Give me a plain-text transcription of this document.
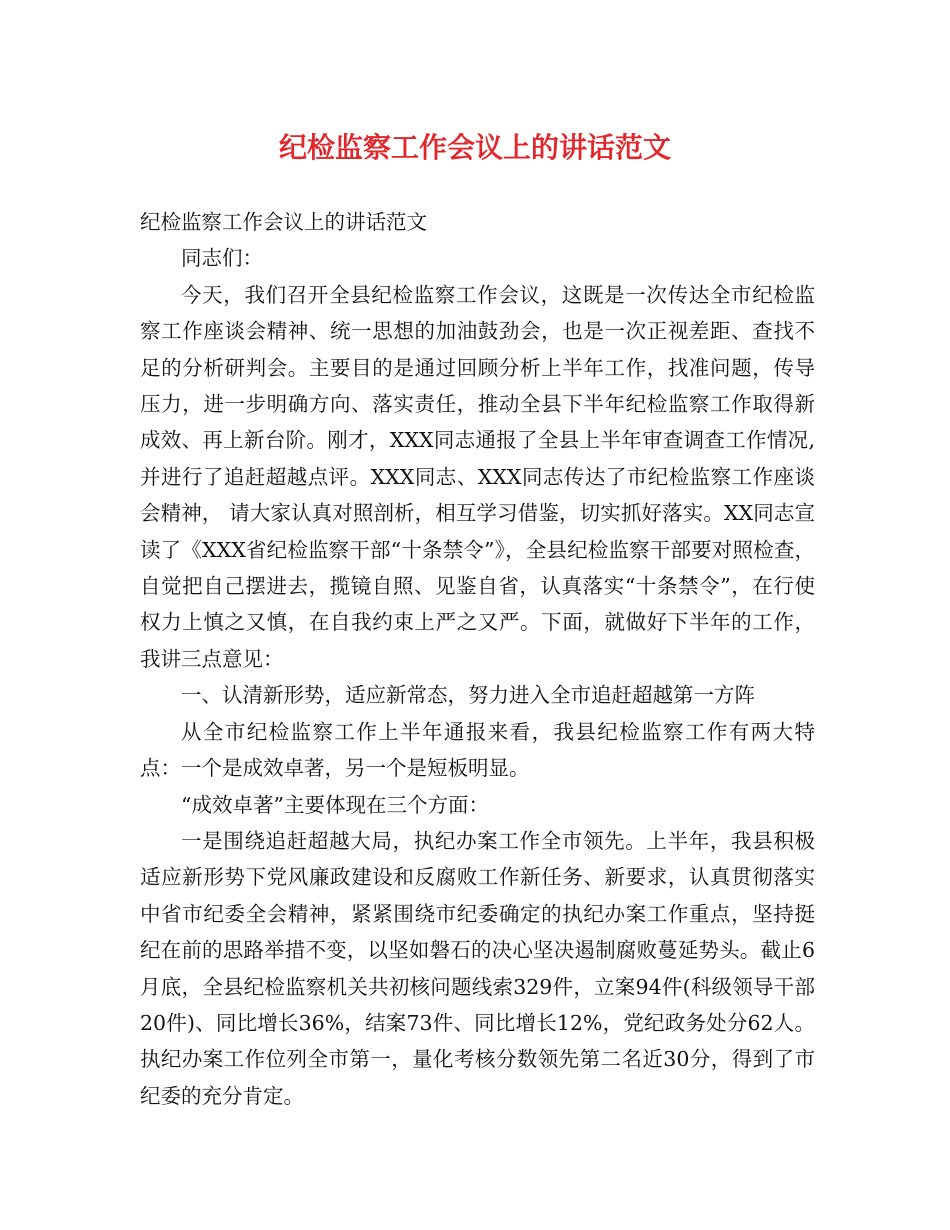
纪检监察工作会议上的讲话范文

纪检监察工作会议上的讲话范文

同志们：

今天，我们召开全县纪检监察工作会议，这既是一次传达全市纪检监察工作座谈会精神、统一思想的加油鼓劲会，也是一次正视差距、查找不足的分析研判会。主要目的是通过回顾分析上半年工作，找准问题，传导压力，进一步明确方向、落实责任，推动全县下半年纪检监察工作取得新成效、再上新台阶。刚才，XXX同志通报了全县上半年审查调查工作情况,并进行了追赶超越点评。XXX同志、XXX同志传达了市纪检监察工作座谈会精神， 请大家认真对照剖析，相互学习借鉴，切实抓好落实。XX同志宣读了《XXX省纪检监察干部“十条禁令”》，全县纪检监察干部要对照检查，自觉把自己摆进去，揽镜自照、见鉴自省，认真落实“十条禁令”，在行使权力上慎之又慎，在自我约束上严之又严。下面，就做好下半年的工作，我讲三点意见：

一、认清新形势，适应新常态，努力进入全市追赶超越第一方阵

从全市纪检监察工作上半年通报来看，我县纪检监察工作有两大特点：一个是成效卓著，另一个是短板明显。

“成效卓著”主要体现在三个方面：

一是围绕追赶超越大局，执纪办案工作全市领先。上半年，我县积极适应新形势下党风廉政建设和反腐败工作新任务、新要求，认真贯彻落实中省市纪委全会精神，紧紧围绕市纪委确定的执纪办案工作重点，坚持挺纪在前的思路举措不变，以坚如磐石的决心坚决遏制腐败蔓延势头。截止6月底，全县纪检监察机关共初核问题线索329件，立案94件(科级领导干部20件)、同比增长36%，结案73件、同比增长12%，党纪政务处分62人。执纪办案工作位列全市第一，量化考核分数领先第二名近30分，得到了市纪委的充分肯定。
